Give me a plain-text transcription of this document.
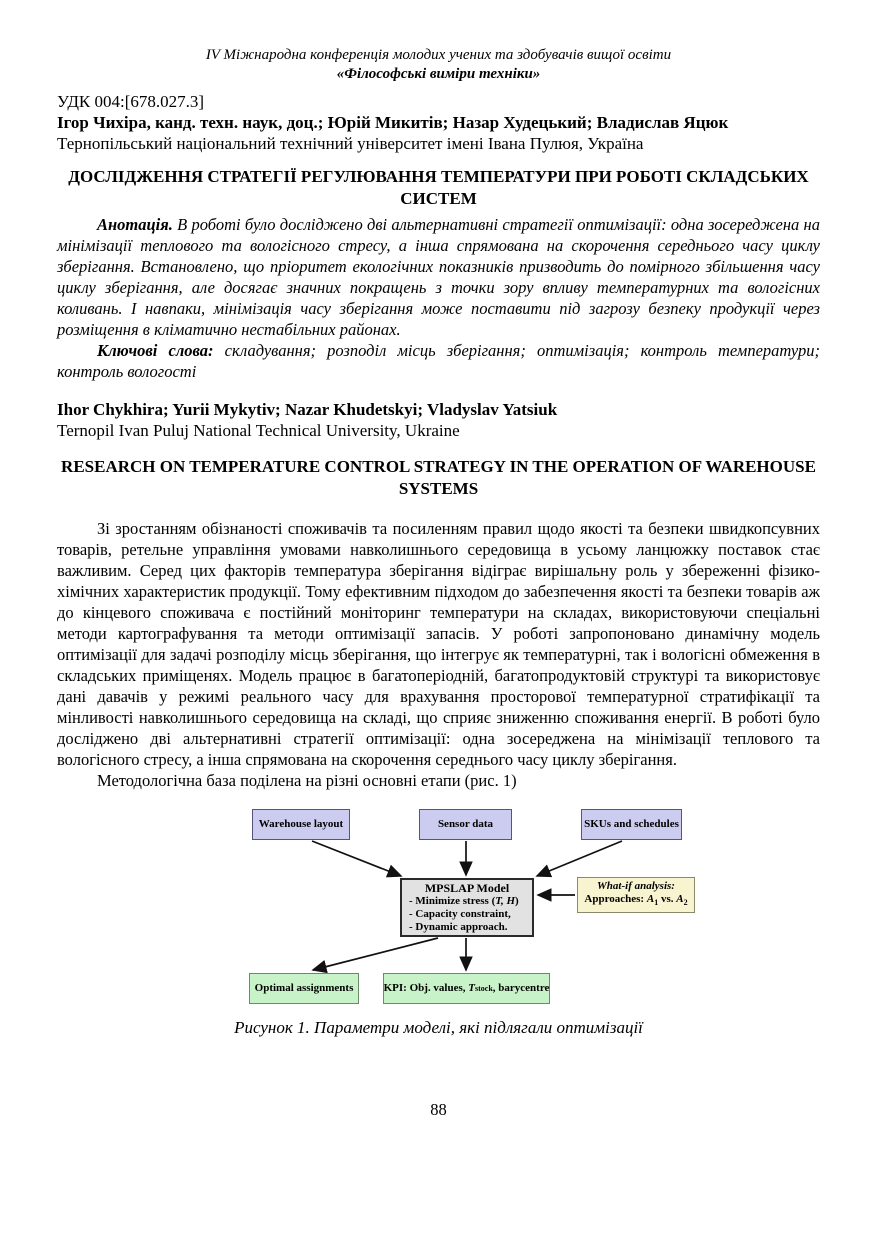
IV Міжнародна конференція молодих учених та здобувачів вищої освіти
«Філософські виміри техніки»
УДК 004:[678.027.3]
Ігор Чихіра, канд. техн. наук, доц.; Юрій Микитів; Назар Худецький; Владислав Яцюк
Тернопільський національний технічний університет імені Івана Пулюя, Україна
ДОСЛІДЖЕННЯ СТРАТЕГІЇ РЕГУЛЮВАННЯ ТЕМПЕРАТУРИ ПРИ РОБОТІ СКЛАДСЬКИХ СИСТЕМ
Анотація. В роботі було досліджено дві альтернативні стратегії оптимізації: одна зосереджена на мінімізації теплового та вологісного стресу, а інша спрямована на скорочення середнього часу циклу зберігання. Встановлено, що пріоритет екологічних показників призводить до помірного збільшення часу циклу зберігання, але досягає значних покращень з точки зору впливу температурних та вологісних коливань. І навпаки, мінімізація часу зберігання може поставити під загрозу безпеку продукції через розміщення в кліматично нестабільних районах.
Ключові слова: складування; розподіл місць зберігання; оптимізація; контроль температури; контроль вологості
Ihor Chykhira; Yurii Mykytiv; Nazar Khudetskyi; Vladyslav Yatsiuk
Ternopil Ivan Puluj National Technical University, Ukraine
RESEARCH ON TEMPERATURE CONTROL STRATEGY IN THE OPERATION OF WAREHOUSE SYSTEMS
Зі зростанням обізнаності споживачів та посиленням правил щодо якості та безпеки швидкопсувних товарів, ретельне управління умовами навколишнього середовища в усьому ланцюжку поставок стає важливим. Серед цих факторів температура зберігання відіграє вирішальну роль у збереженні фізико-хімічних характеристик продукції. Тому ефективним підходом до забезпечення якості та безпеки товарів аж до кінцевого споживача є постійний моніторинг температури на складах, використовуючи спеціальні методи картографування та методи оптимізації запасів. У роботі запропоновано динамічну модель оптимізації для задачі розподілу місць зберігання, що інтегрує як температурні, так і вологісні обмеження в складських приміщенях. Модель працює в багатоперіодній, багатопродуктовій структурі та використовує дані давачів у режимі реального часу для врахування просторової температурної стратифікації та мінливості навколишнього середовища на складі, що сприяє зниженню споживання енергії. В роботі було досліджено дві альтернативні стратегії оптимізації: одна зосереджена на мінімізації теплового та вологісного стресу, а інша спрямована на скорочення середнього часу циклу зберігання.
Методологічна база поділена на різні основні етапи (рис. 1)
Warehouse layout	Sensor data	SKUs and schedules
MPSLAP Model
- Minimize stress (T, H)
- Capacity constraint,
- Dynamic approach.
What-if analysis:
Approaches: $A_1$ vs. $A_2$
Optimal assignments	KPI : Obj. values, T stock , barycentre
Рисунок 1. Параметри моделі, які підлягали оптимізації
88
